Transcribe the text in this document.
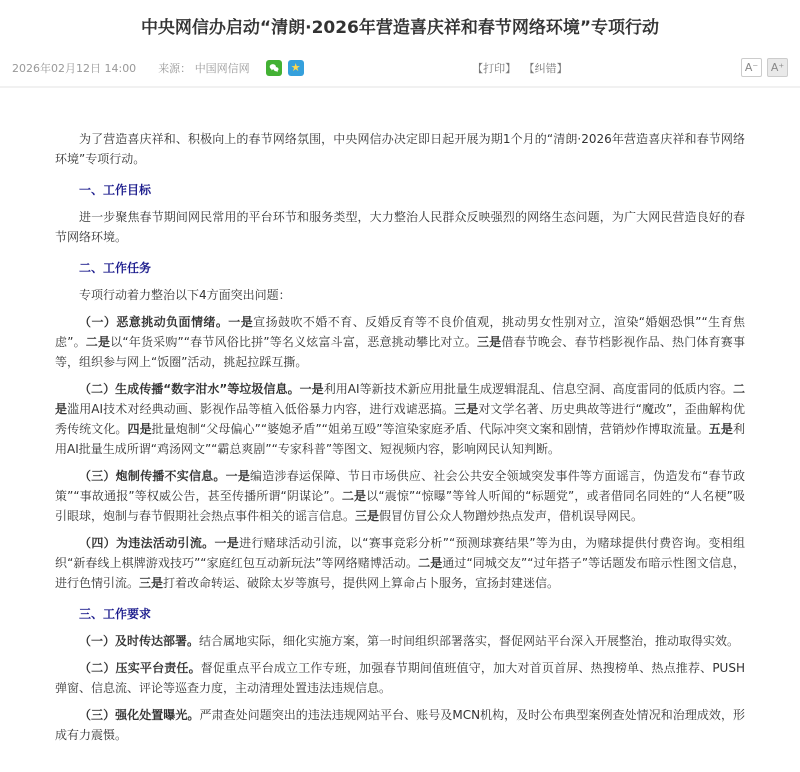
中央网信办启动“清朗·2026年营造喜庆祥和春节网络环境”专项行动
2026年02月12日 14:00 来源： 中国网信网 ★	【打印】 【纠错】	A⁻	A⁺

为了营造喜庆祥和、积极向上的春节网络氛围，中央网信办决定即日起开展为期1个月的“清朗·2026年营造喜庆祥和春节网络环境”专项行动。

一、工作目标

进一步聚焦春节期间网民常用的平台环节和服务类型，大力整治人民群众反映强烈的网络生态问题，为广大网民营造良好的春节网络环境。

二、工作任务

专项行动着力整治以下4方面突出问题：

（一）恶意挑动负面情绪。一是宣扬鼓吹不婚不育、反婚反育等不良价值观，挑动男女性别对立，渲染“婚姻恐惧”“生育焦虑”。二是以“年货采购”“春节风俗比拼”等名义炫富斗富，恶意挑动攀比对立。三是借春节晚会、春节档影视作品、热门体育赛事等，组织参与网上“饭圈”活动，挑起拉踩互撕。

（二）生成传播“数字泔水”等垃圾信息。一是利用AI等新技术新应用批量生成逻辑混乱、信息空洞、高度雷同的低质内容。二是滥用AI技术对经典动画、影视作品等植入低俗暴力内容，进行戏谑恶搞。三是对文学名著、历史典故等进行“魔改”，歪曲解构优秀传统文化。四是批量炮制“父母偏心”“婆媳矛盾”“姐弟互殴”等渲染家庭矛盾、代际冲突文案和剧情，营销炒作博取流量。五是利用AI批量生成所谓“鸡汤网文”“霸总爽剧”“专家科普”等图文、短视频内容，影响网民认知判断。

（三）炮制传播不实信息。一是编造涉春运保障、节日市场供应、社会公共安全领域突发事件等方面谣言，伪造发布“春节政策”“事故通报”等权威公告，甚至传播所谓“阴谋论”。二是以“震惊”“惊曝”等耸人听闻的“标题党”，或者借同名同姓的“人名梗”吸引眼球，炮制与春节假期社会热点事件相关的谣言信息。三是假冒仿冒公众人物蹭炒热点发声，借机误导网民。

（四）为违法活动引流。一是进行赌球活动引流，以“赛事竞彩分析”“预测球赛结果”等为由，为赌球提供付费咨询。变相组织“新春线上棋牌游戏技巧”“家庭红包互动新玩法”等网络赌博活动。二是通过“同城交友”“过年搭子”等话题发布暗示性图文信息，进行色情引流。三是打着改命转运、破除太岁等旗号，提供网上算命占卜服务，宣扬封建迷信。

三、工作要求

（一）及时传达部署。结合属地实际，细化实施方案，第一时间组织部署落实，督促网站平台深入开展整治，推动取得实效。

（二）压实平台责任。督促重点平台成立工作专班，加强春节期间值班值守，加大对首页首屏、热搜榜单、热点推荐、PUSH弹窗、信息流、评论等巡查力度，主动清理处置违法违规信息。

（三）强化处置曝光。严肃查处问题突出的违法违规网站平台、账号及MCN机构，及时公布典型案例查处情况和治理成效，形成有力震慑。
